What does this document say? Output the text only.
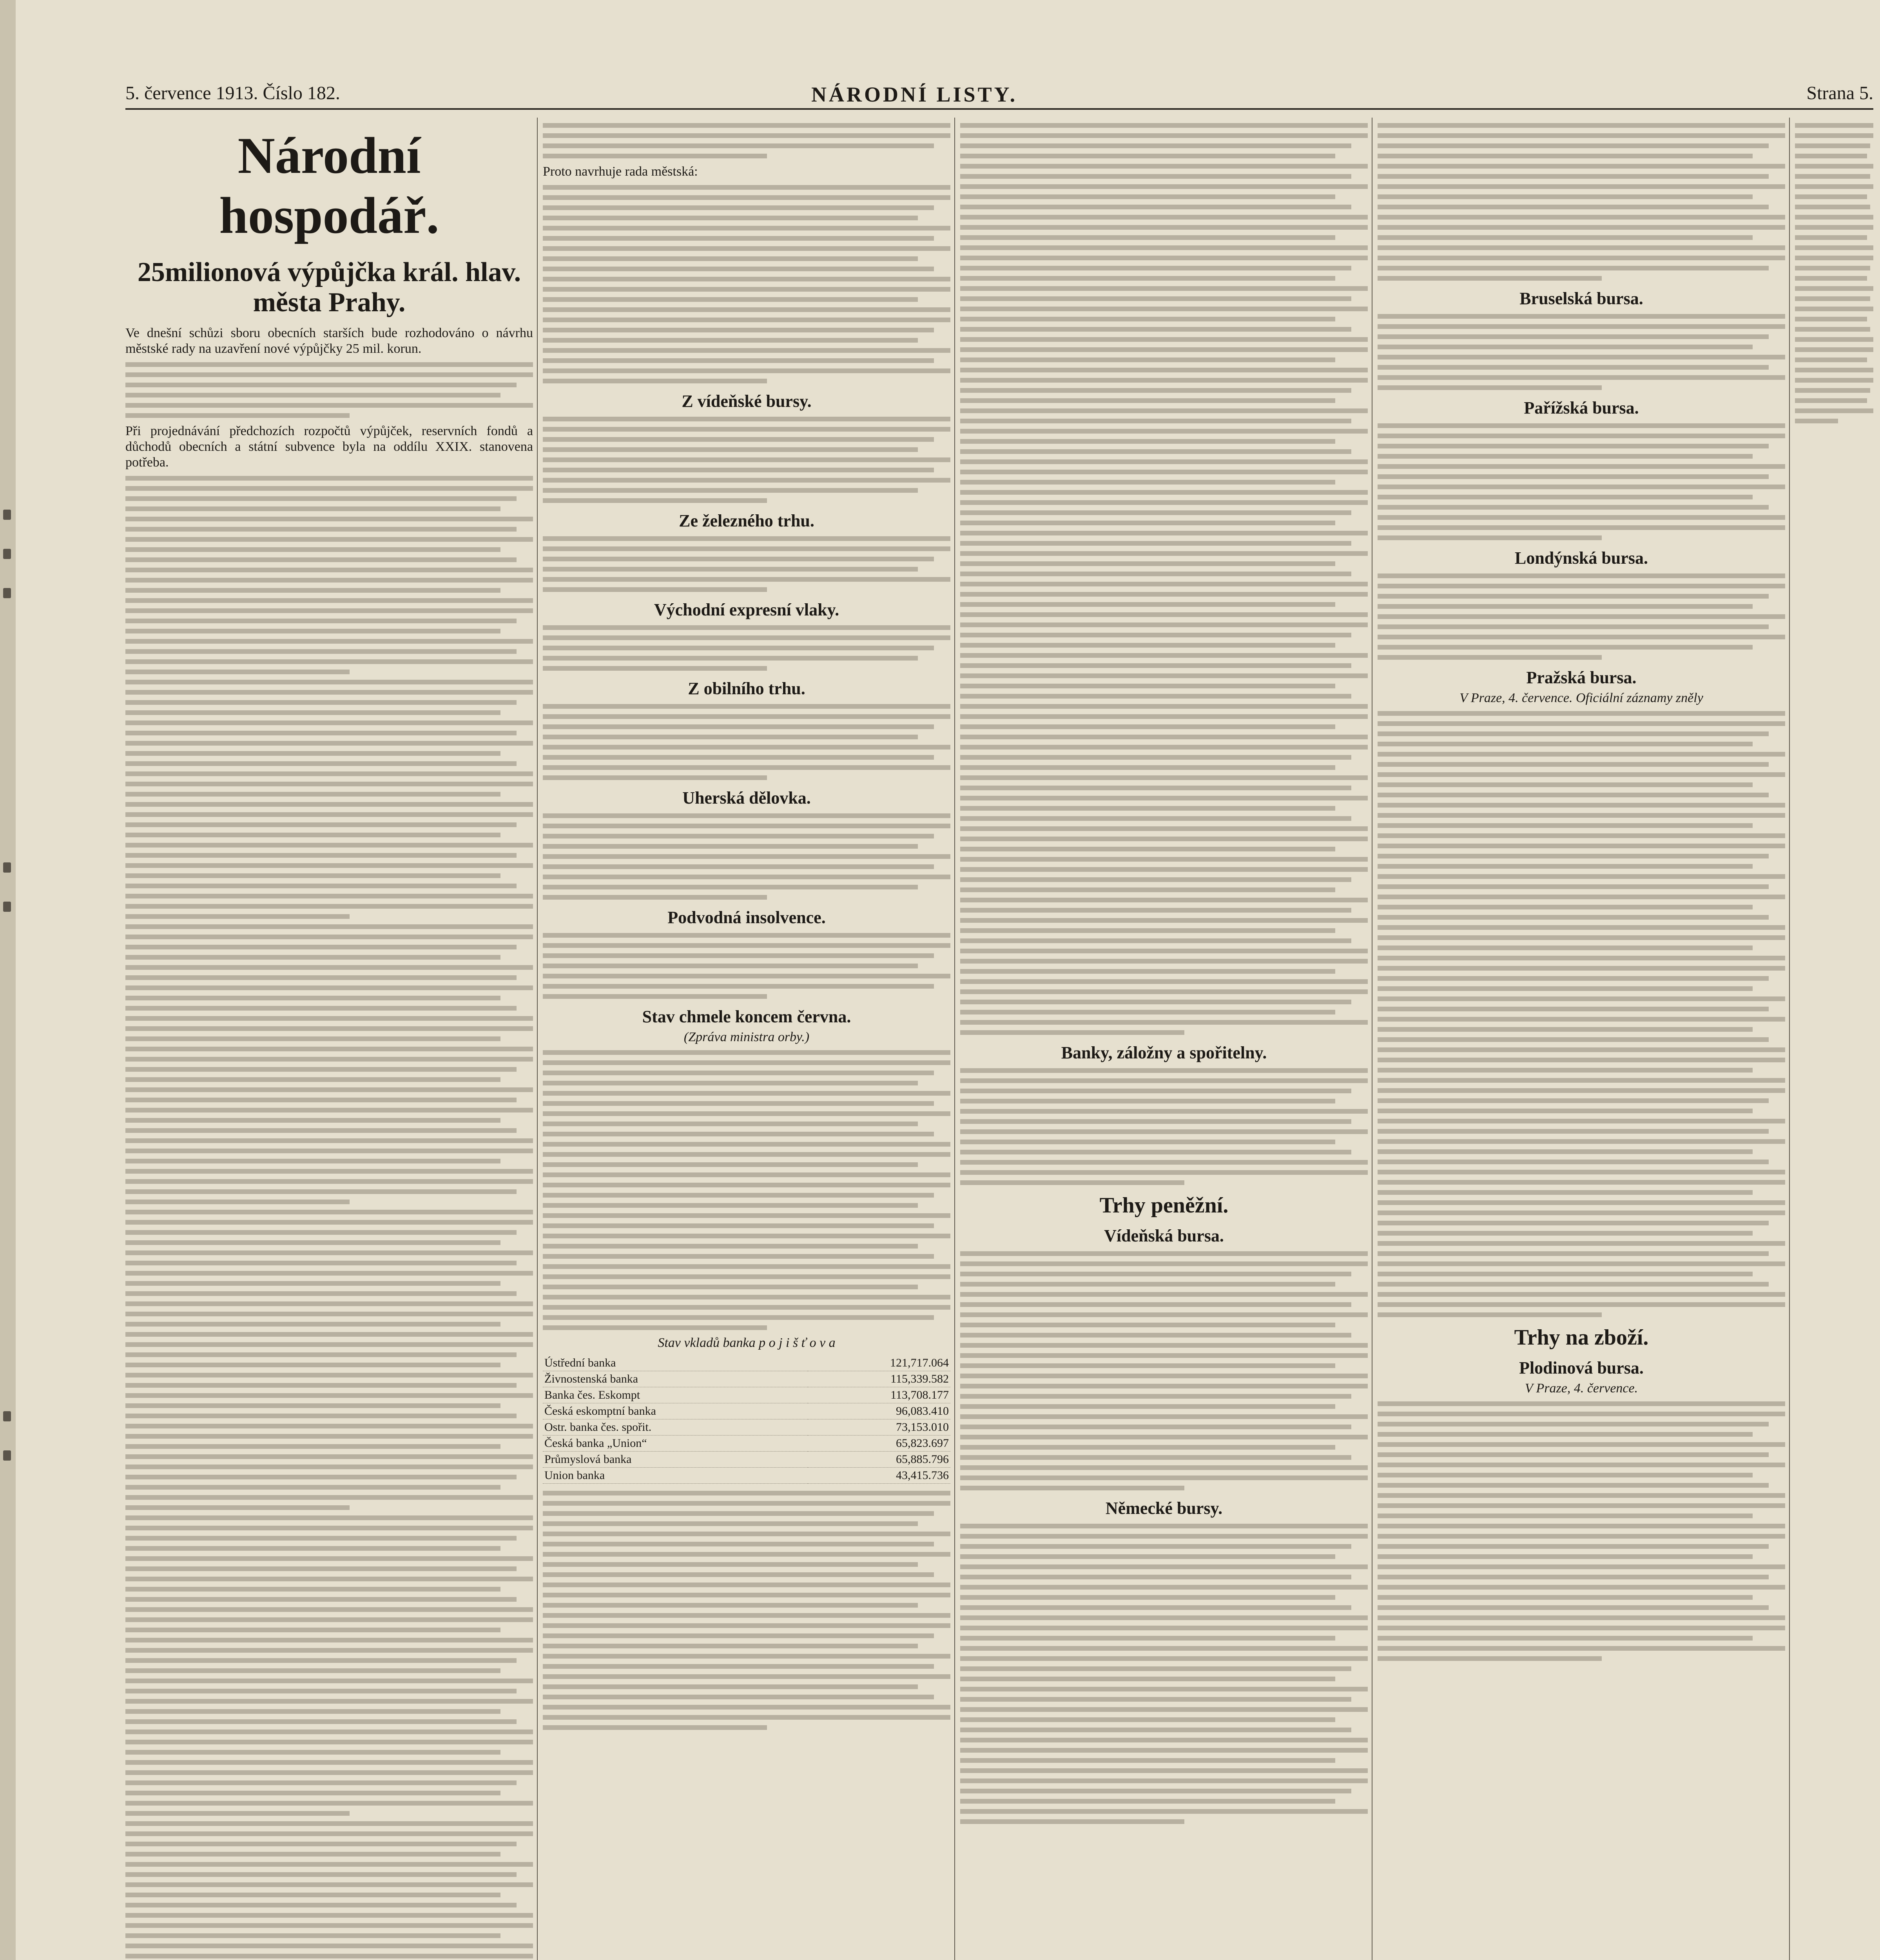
5. července 1913. Číslo 182.	NÁRODNÍ LISTY.	Strana 5.
Národní hospodář.
25milionová výpůjčka král. hlav. města Prahy.
Ve dnešní schůzi sboru obecních starších bude rozhodováno o návrhu městské rady na uzavření nové výpůjčky 25 mil. korun.
Při projednávání předchozích rozpočtů výpůjček, reservních fondů a důchodů obecních a státní subvence byla na oddílu XXIX. stanovena potřeba.
Proto navrhuje rada městská:
Z vídeňské bursy.
Ze železného trhu.
Východní expresní vlaky.
Z obilního trhu.
Uherská dělovka.
Podvodná insolvence.
Stav chmele koncem června.
(Zpráva ministra orby.)
Stav vkladů banka p o j i š ť o v a
Ústřední banka	121,717.064
Živnostenská banka	115,339.582
Banka čes. Eskompt	113,708.177
Česká eskomptní banka	96,083.410
Ostr. banka čes. spořit.	73,153.010
Česká banka „Union“	65,823.697
Průmyslová banka	65,885.796
Union banka	43,415.736
Banky, záložny a spořitelny.
Trhy peněžní.
Vídeňská bursa.
Německé bursy.
Bruselská bursa.
Pařížská bursa.
Londýnská bursa.
Pražská bursa.
V Praze, 4. července. Oficiální záznamy zněly
Trhy na zboží.
Plodinová bursa.
V Praze, 4. července.
